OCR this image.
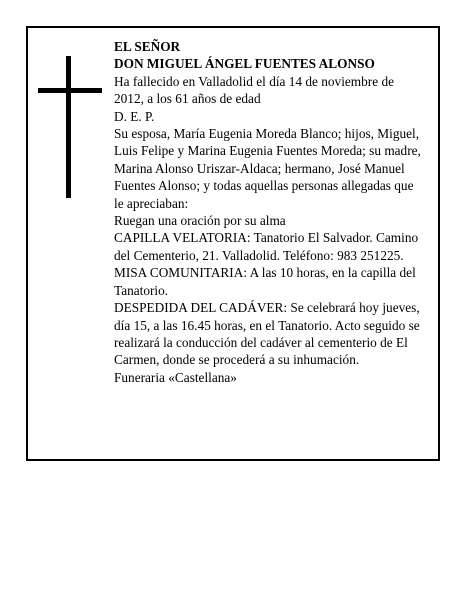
EL SEÑOR

DON MIGUEL ÁNGEL FUENTES ALONSO

Ha fallecido en Valladolid el día 14 de noviembre de 2012, a los 61 años de edad

D. E. P.

Su esposa, María Eugenia Moreda Blanco; hijos, Miguel, Luis Felipe y Marina Eugenia Fuentes Moreda; su madre, Marina Alonso Uriszar-Aldaca; hermano, José Manuel Fuentes Alonso; y todas aquellas personas allegadas que le apreciaban:

Ruegan una oración por su alma

CAPILLA VELATORIA: Tanatorio El Salvador. Camino del Cementerio, 21. Valladolid. Teléfono: 983 251225.

MISA COMUNITARIA: A las 10 horas, en la capilla del Tanatorio.

DESPEDIDA DEL CADÁVER: Se celebrará hoy jueves, día 15, a las 16.45 horas, en el Tanatorio. Acto seguido se realizará la conducción del cadáver al cementerio de El Carmen, donde se procederá a su inhumación.

Funeraria «Castellana»
